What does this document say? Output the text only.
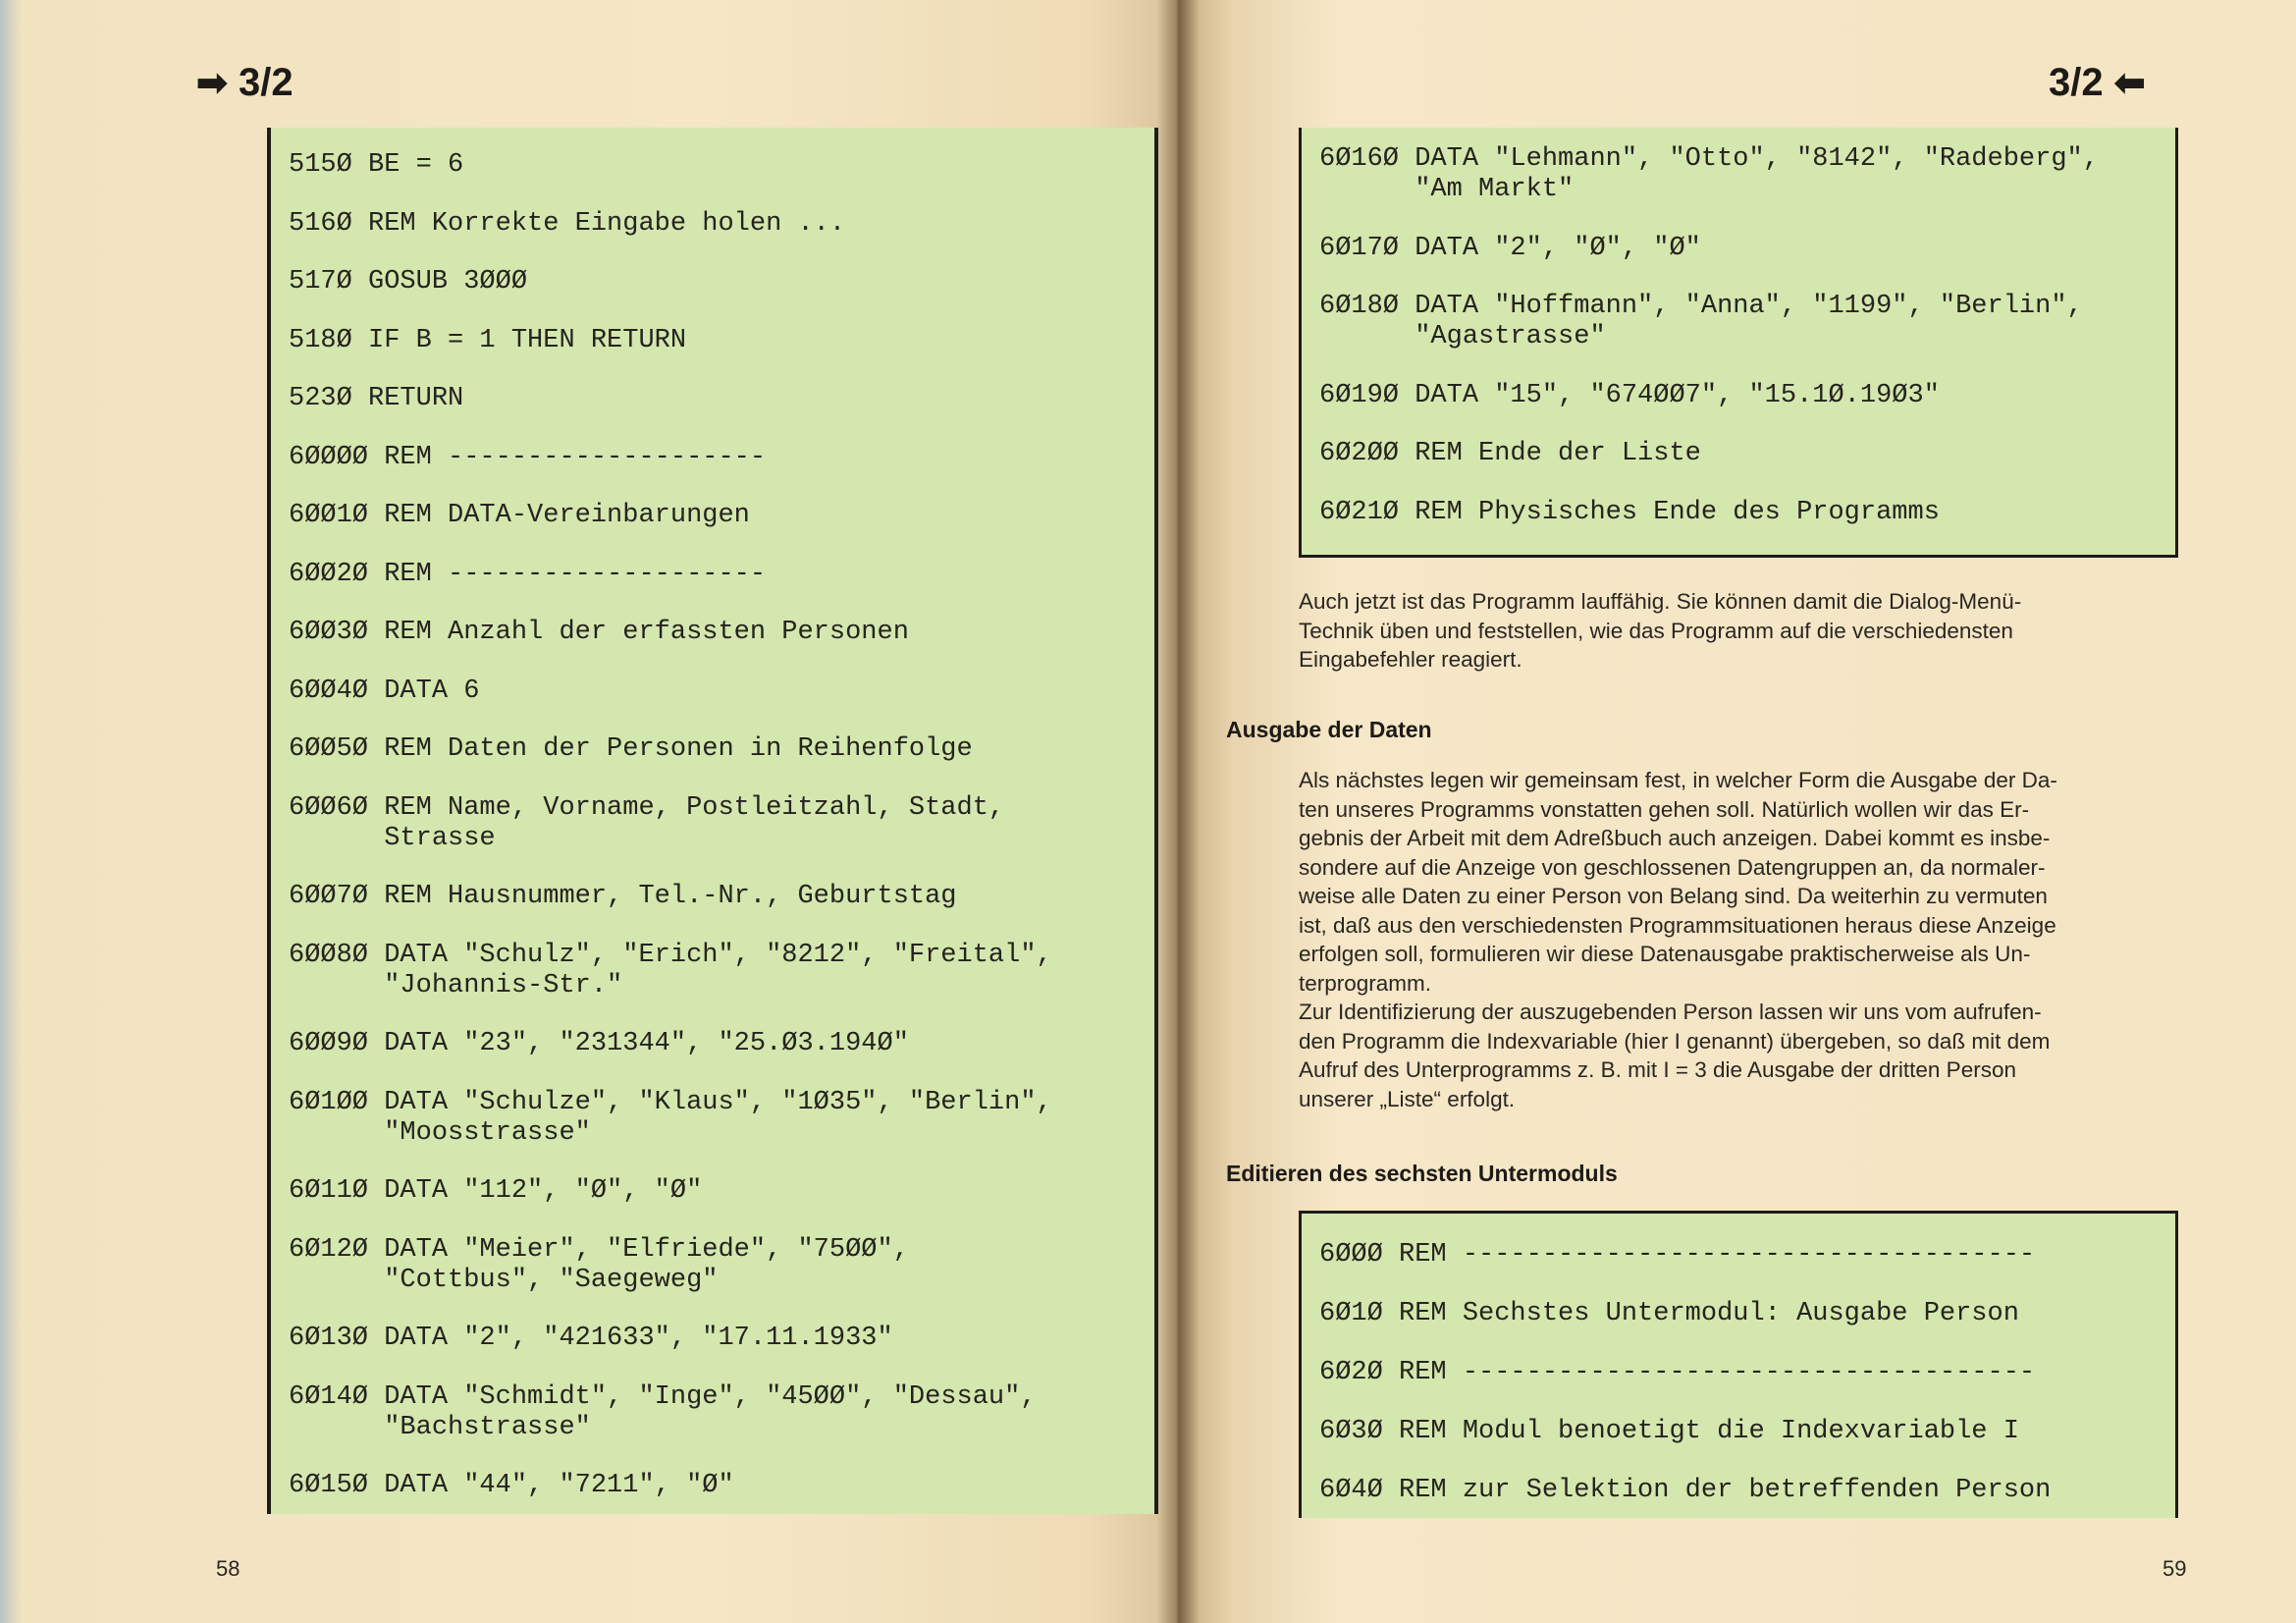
➡ 3/2
515Ø BE = 6
516Ø REM Korrekte Eingabe holen ...
517Ø GOSUB 3ØØØ
518Ø IF B = 1 THEN RETURN
523Ø RETURN
6ØØØØ REM --------------------
6ØØ1Ø REM DATA-Vereinbarungen
6ØØ2Ø REM --------------------
6ØØ3Ø REM Anzahl der erfassten Personen
6ØØ4Ø DATA 6
6ØØ5Ø REM Daten der Personen in Reihenfolge
6ØØ6Ø REM Name, Vorname, Postleitzahl, Stadt,
Strasse
6ØØ7Ø REM Hausnummer, Tel.-Nr., Geburtstag
6ØØ8Ø DATA "Schulz", "Erich", "8212", "Freital",
"Johannis-Str."
6ØØ9Ø DATA "23", "231344", "25.Ø3.194Ø"
6Ø1ØØ DATA "Schulze", "Klaus", "1Ø35", "Berlin",
"Moosstrasse"
6Ø11Ø DATA "112", "Ø", "Ø"
6Ø12Ø DATA "Meier", "Elfriede", "75ØØ",
"Cottbus", "Saegeweg"
6Ø13Ø DATA "2", "421633", "17.11.1933"
6Ø14Ø DATA "Schmidt", "Inge", "45ØØ", "Dessau",
"Bachstrasse"
6Ø15Ø DATA "44", "7211", "Ø"
58
3/2 ⬅
6Ø16Ø DATA "Lehmann", "Otto", "8142", "Radeberg",
"Am Markt"
6Ø17Ø DATA "2", "Ø", "Ø"
6Ø18Ø DATA "Hoffmann", "Anna", "1199", "Berlin",
"Agastrasse"
6Ø19Ø DATA "15", "674ØØ7", "15.1Ø.19Ø3"
6Ø2ØØ REM Ende der Liste
6Ø21Ø REM Physisches Ende des Programms

Auch jetzt ist das Programm lauffähig. Sie können damit die Dialog-Menü-

Technik üben und feststellen, wie das Programm auf die verschiedensten

Eingabefehler reagiert.

Ausgabe der Daten

Als nächstes legen wir gemeinsam fest, in welcher Form die Ausgabe der Da-

ten unseres Programms vonstatten gehen soll. Natürlich wollen wir das Er-

gebnis der Arbeit mit dem Adreßbuch auch anzeigen. Dabei kommt es insbe-

sondere auf die Anzeige von geschlossenen Datengruppen an, da normaler-

weise alle Daten zu einer Person von Belang sind. Da weiterhin zu vermuten

ist, daß aus den verschiedensten Programmsituationen heraus diese Anzeige

erfolgen soll, formulieren wir diese Datenausgabe praktischerweise als Un-

terprogramm.

Zur Identifizierung der auszugebenden Person lassen wir uns vom aufrufen-

den Programm die Indexvariable (hier I genannt) übergeben, so daß mit dem

Aufruf des Unterprogramms z. B. mit I = 3 die Ausgabe der dritten Person

unserer „Liste“ erfolgt.

Editieren des sechsten Untermoduls
6ØØØ REM ------------------------------------
6Ø1Ø REM Sechstes Untermodul: Ausgabe Person
6Ø2Ø REM ------------------------------------
6Ø3Ø REM Modul benoetigt die Indexvariable I
6Ø4Ø REM zur Selektion der betreffenden Person
59
